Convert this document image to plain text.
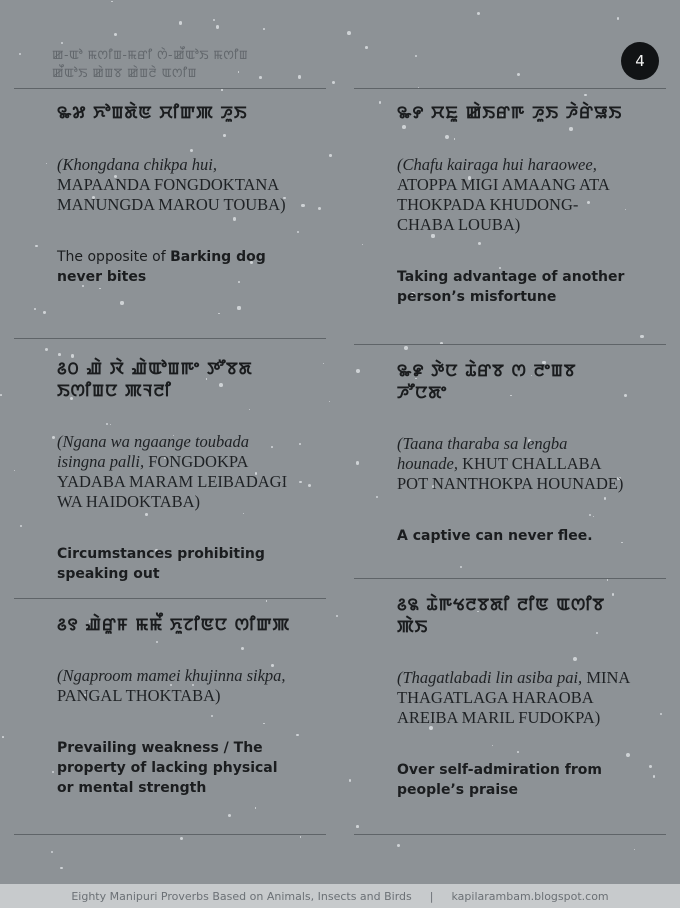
ꯀ-ꯑꯣ ꯃꯁꯤꯡ-ꯃꯔꯤ ꯁꯥ-ꯀꯩꯑꯣꯏ ꯃꯁꯤꯡ
ꯀꯩꯑꯣꯏ ꯀꯥꯡꯕ ꯀꯥꯡꯂꯥ ꯑꯁꯤꯡ
4
꯳꯷ ꯈꯣꯡꯗꯥꯟ ꯆꯤꯛꯄ ꯍꯨꯏ
(Khongdana chikpa hui, MAPAANDA FONGDOKTANA MANUNGDA MAROU TOUBA)
The opposite of Barking dog never bites
꯴꯰ ꯉꯥ ꯋꯥ ꯉꯥꯑꯣꯡꯒꯦ ꯇꯧꯕꯗ ꯏꯁꯤꯡꯅ ꯄꯜꯂꯤ
(Ngana wa ngaange toubada isingna palli, FONGDOKPA YADABA MARAM LEIBADAGI WA HAIDOKTABA)
Circumstances prohibiting speaking out
꯴꯱ ꯉꯥꯔꯨꯝ ꯃꯃꯩ ꯈꯨꯖꯤꯟꯅ ꯁꯤꯛꯄ
(Ngaproom mamei khujinna sikpa, PANGAL THOKTABA)
Prevailing weakness / The property of lacking physical or mental strength
꯳꯸ ꯆꯐꯨ ꯀꯥꯏꯔꯒ ꯍꯨꯏ ꯍꯥꯔꯥꯎꯏ
(Chafu kairaga hui haraowee, ATOPPA MIGI AMAANG ATA THOKPADA KHUDONG-CHABA LOUBA)
Taking advantage of another person’s misfortune
꯳꯹ ꯇꯥꯅ ꯊꯥꯔꯕ ꯁ ꯂꯦꯡꯕ ꯍꯧꯅꯗꯦ
(Taana tharaba sa lengba hounade, KHUT CHALLABA POT NANTHOKPA HOUNADE)
A captive can never flee.
꯴꯲ ꯊꯥꯒꯠꯂꯕꯗꯤ ꯂꯤꯟ ꯑꯁꯤꯕ ꯄꯥꯏ
(Thagatlabadi lin asiba pai, MINA THAGATLAGA HARAOBA AREIBA MARIL FUDOKPA)
Over self-admiration from people’s praise
Eighty Manipuri Proverbs Based on Animals, Insects and Birds | kapilarambam.blogspot.com
